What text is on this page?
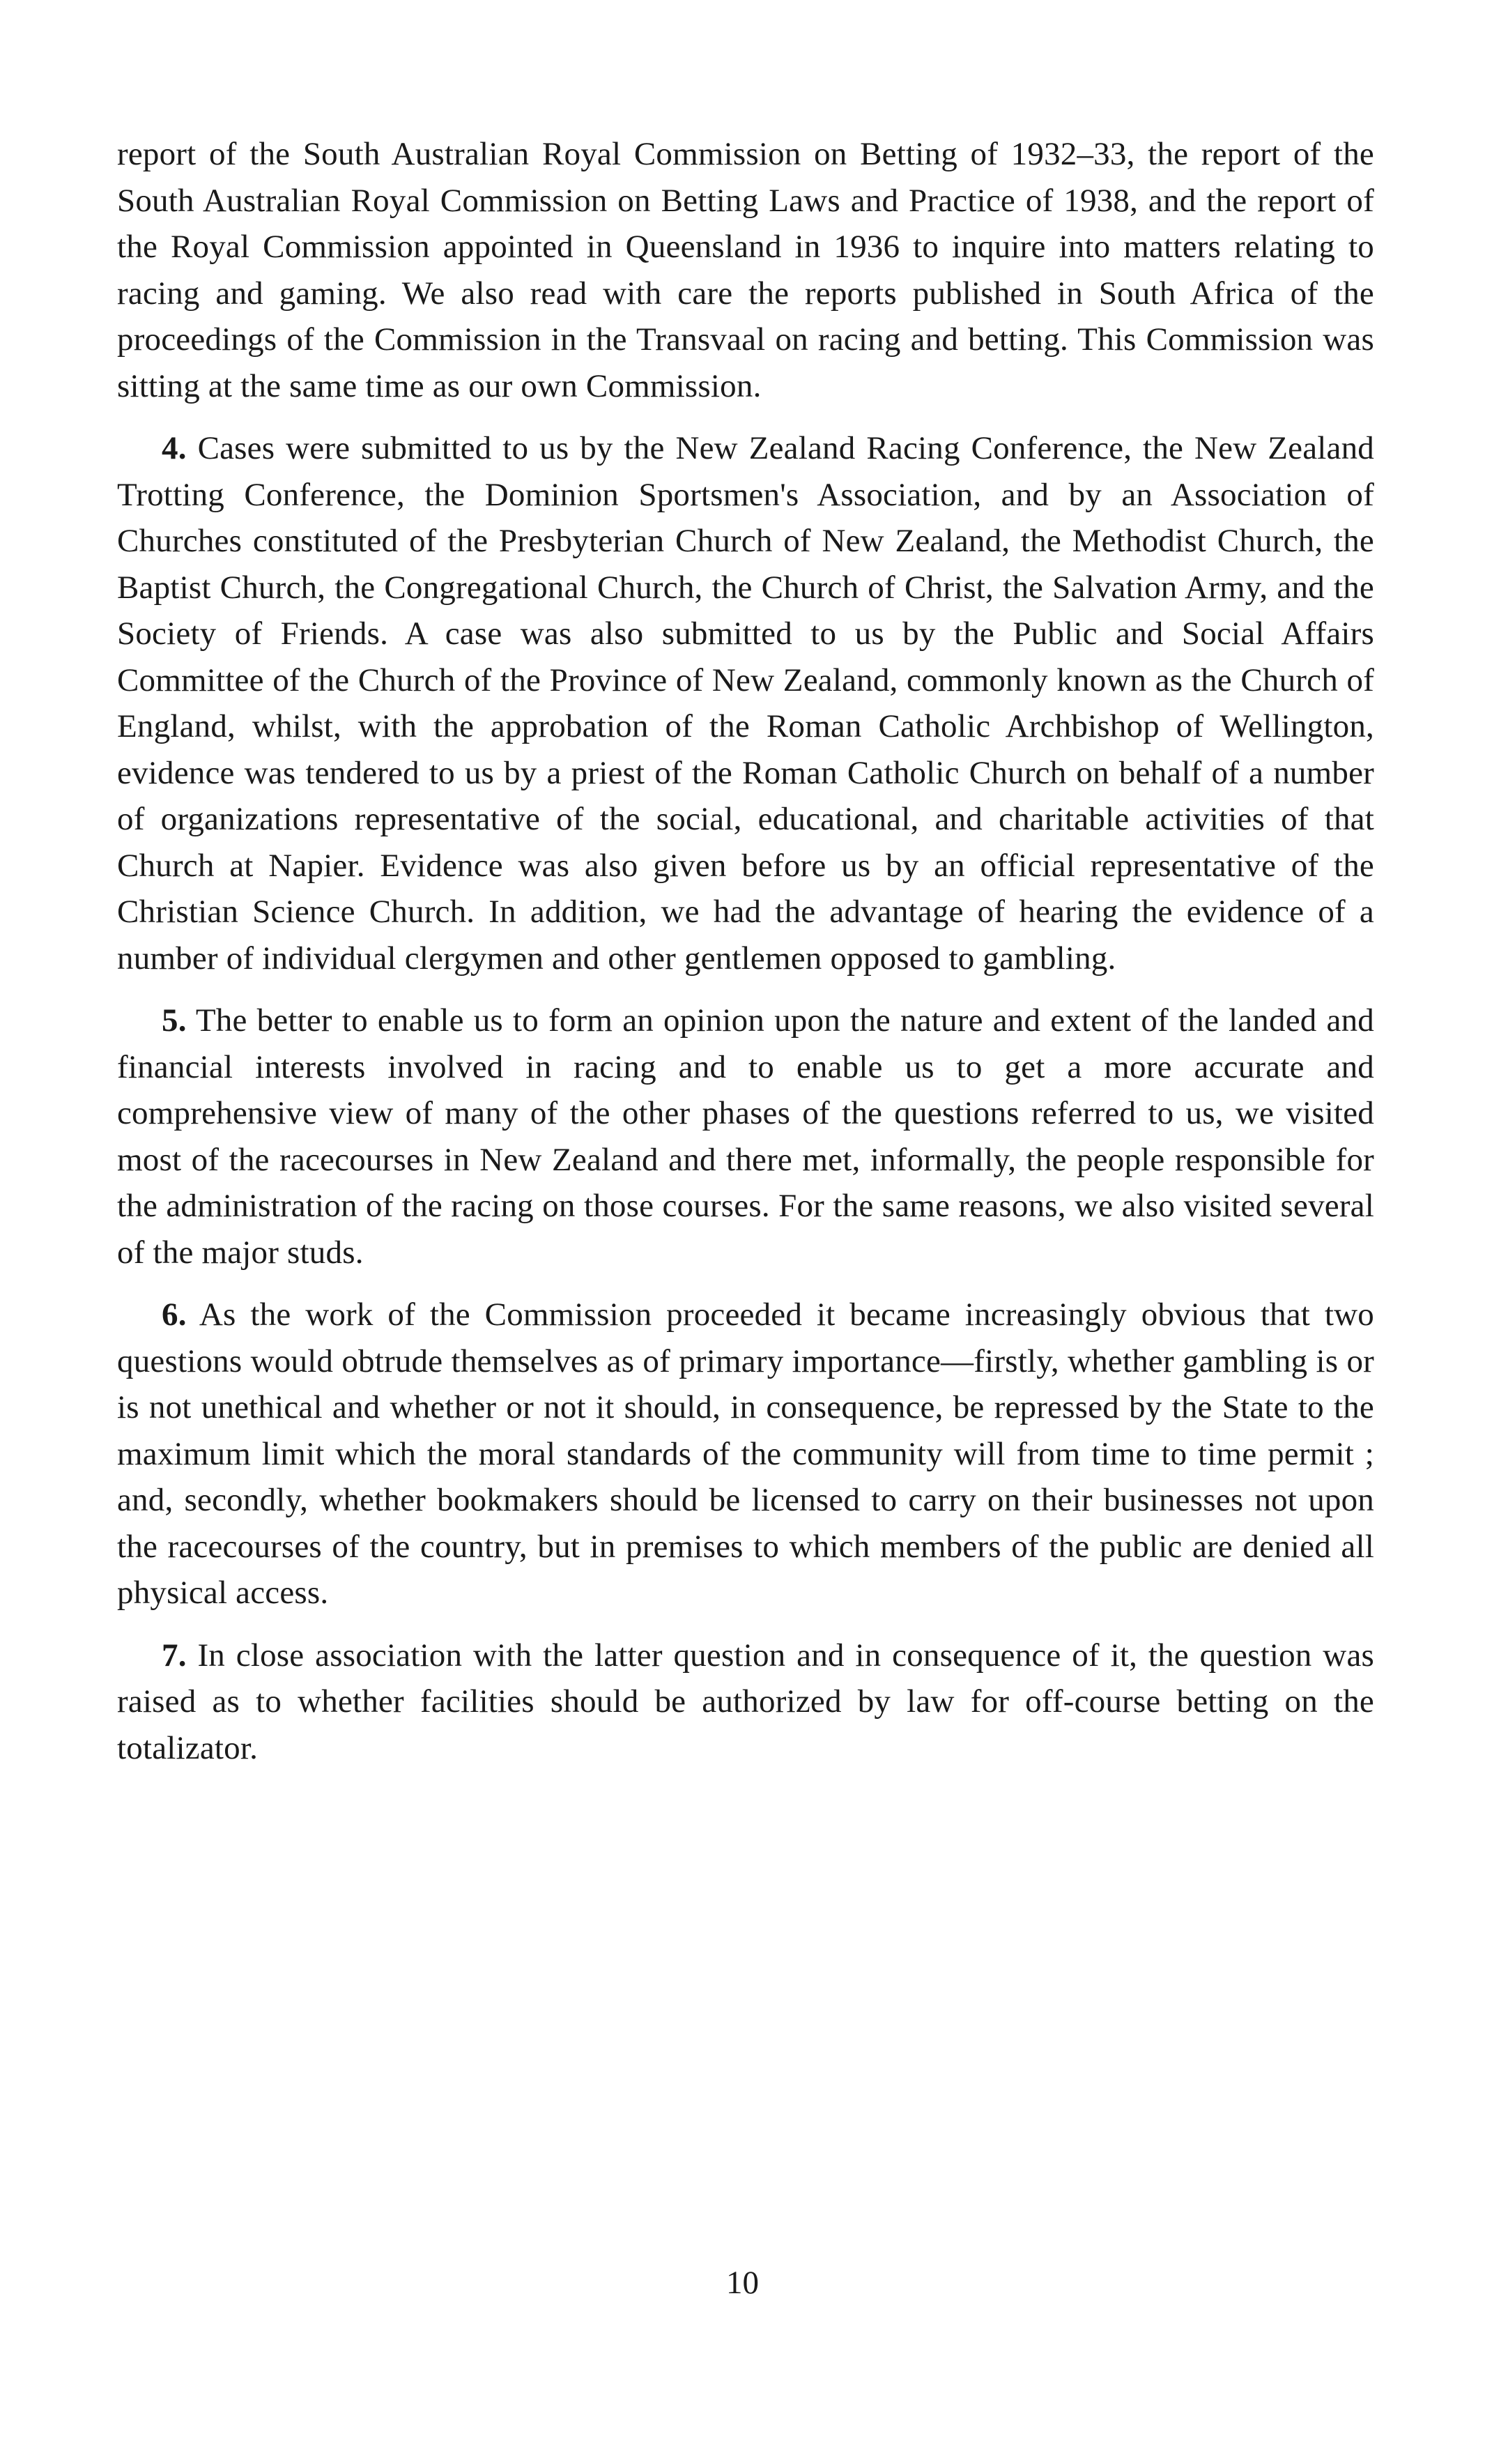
report of the South Australian Royal Commission on Betting of 1932–33, the report of the South Australian Royal Commission on Betting Laws and Practice of 1938, and the report of the Royal Commission appointed in Queensland in 1936 to inquire into matters relating to racing and gaming. We also read with care the reports published in South Africa of the proceedings of the Commission in the Transvaal on racing and betting. This Commission was sitting at the same time as our own Commission.

4. Cases were submitted to us by the New Zealand Racing Conference, the New Zealand Trotting Conference, the Dominion Sportsmen's Association, and by an Association of Churches constituted of the Presbyterian Church of New Zealand, the Methodist Church, the Baptist Church, the Congregational Church, the Church of Christ, the Salvation Army, and the Society of Friends. A case was also submitted to us by the Public and Social Affairs Committee of the Church of the Province of New Zealand, commonly known as the Church of England, whilst, with the approbation of the Roman Catholic Archbishop of Wellington, evidence was tendered to us by a priest of the Roman Catholic Church on behalf of a number of organizations representative of the social, educational, and charitable activities of that Church at Napier. Evidence was also given before us by an official representative of the Christian Science Church. In addition, we had the advantage of hearing the evidence of a number of individual clergymen and other gentlemen opposed to gambling.

5. The better to enable us to form an opinion upon the nature and extent of the landed and financial interests involved in racing and to enable us to get a more accurate and comprehensive view of many of the other phases of the questions referred to us, we visited most of the racecourses in New Zealand and there met, informally, the people responsible for the administration of the racing on those courses. For the same reasons, we also visited several of the major studs.

6. As the work of the Commission proceeded it became increasingly obvious that two questions would obtrude themselves as of primary importance—firstly, whether gambling is or is not unethical and whether or not it should, in consequence, be repressed by the State to the maximum limit which the moral standards of the community will from time to time permit ; and, secondly, whether bookmakers should be licensed to carry on their businesses not upon the racecourses of the country, but in premises to which members of the public are denied all physical access.

7. In close association with the latter question and in consequence of it, the question was raised as to whether facilities should be authorized by law for off-course betting on the totalizator.

10
